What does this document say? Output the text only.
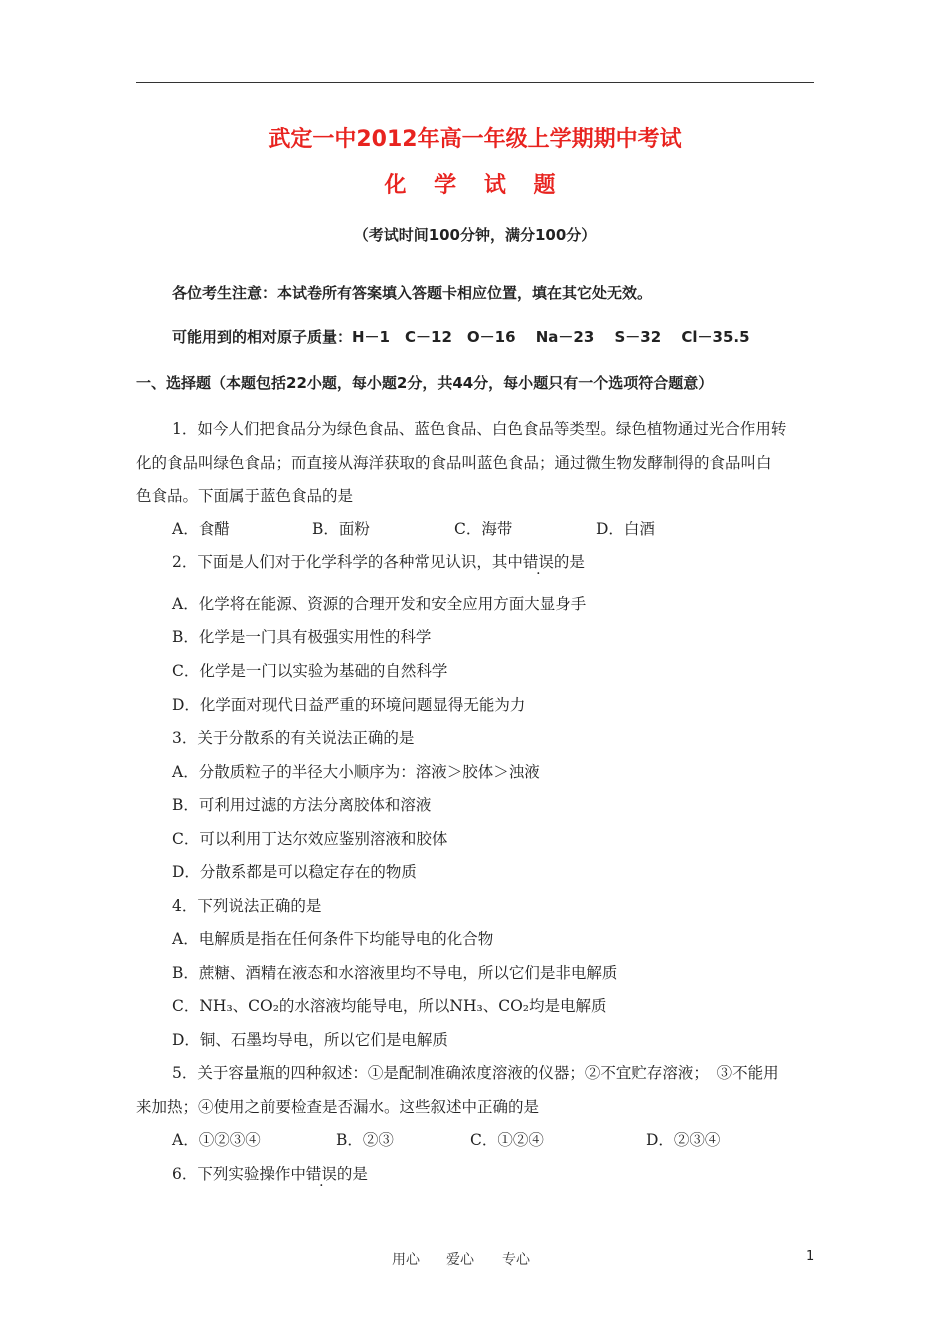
武定一中2012年高一年级上学期期中考试
化 学 试 题
（考试时间100分钟，满分100分）
各位考生注意：本试卷所有答案填入答题卡相应位置，填在其它处无效。
可能用到的相对原子质量：H－1　C－12　O－16　 Na－23　 S－32　 Cl－35.5
一、选择题（本题包括22小题，每小题2分，共44分，每小题只有一个选项符合题意）
1．如今人们把食品分为绿色食品、蓝色食品、白色食品等类型。绿色植物通过光合作用转
化的食品叫绿色食品；而直接从海洋获取的食品叫蓝色食品；通过微生物发酵制得的食品叫白
色食品。下面属于蓝色食品的是
A．食醋	B．面粉	C．海带	D．白酒
2．下面是人们对于化学科学的各种常见认识，其中错误的是
A．化学将在能源、资源的合理开发和安全应用方面大显身手
B．化学是一门具有极强实用性的科学
C．化学是一门以实验为基础的自然科学
D．化学面对现代日益严重的环境问题显得无能为力
3．关于分散系的有关说法正确的是
A．分散质粒子的半径大小顺序为：溶液＞胶体＞浊液
B．可利用过滤的方法分离胶体和溶液
C．可以利用丁达尔效应鉴别溶液和胶体
D．分散系都是可以稳定存在的物质
4．下列说法正确的是
A．电解质是指在任何条件下均能导电的化合物
B．蔗糖、酒精在液态和水溶液里均不导电，所以它们是非电解质
C．NH₃、CO₂的水溶液均能导电，所以NH₃、CO₂均是电解质
D．铜、石墨均导电，所以它们是电解质
5．关于容量瓶的四种叙述：①是配制准确浓度溶液的仪器；②不宜贮存溶液；　③不能用
来加热；④使用之前要检查是否漏水。这些叙述中正确的是
A．①②③④	B．②③	C．①②④	D．②③④
6．下列实验操作中错误的是
用心 爱心 专心	1
